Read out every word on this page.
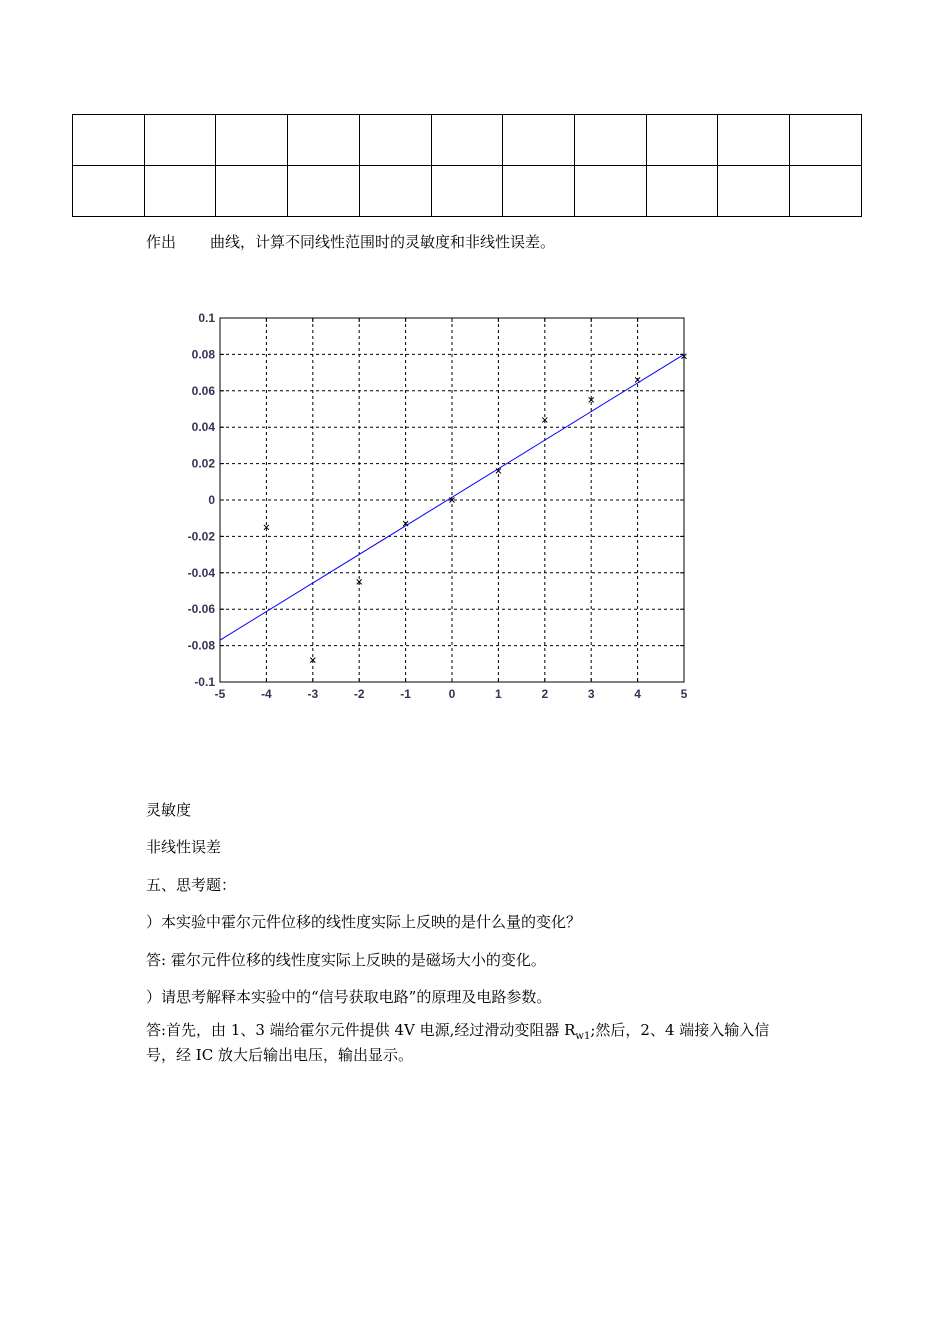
作出 曲线，计算不同线性范围时的灵敏度和非线性误差。
-5	-4	-3	-2	-1	0	1	2	3	4	5
-0.1
-0.08
-0.06
-0.04
-0.02
0
0.02
0.04
0.06
0.08
0.1
灵敏度
非线性误差
五、思考题：
）本实验中霍尔元件位移的线性度实际上反映的是什么量的变化？
答: 霍尔元件位移的线性度实际上反映的是磁场大小的变化。
）请思考解释本实验中的“信号获取电路”的原理及电路参数。
答:首先，由 1、3 端给霍尔元件提供 4V 电源,经过滑动变阻器 $R_{w1}$;然后，2、4 端接入输入信
号，经 IC 放大后输出电压，输出显示。
